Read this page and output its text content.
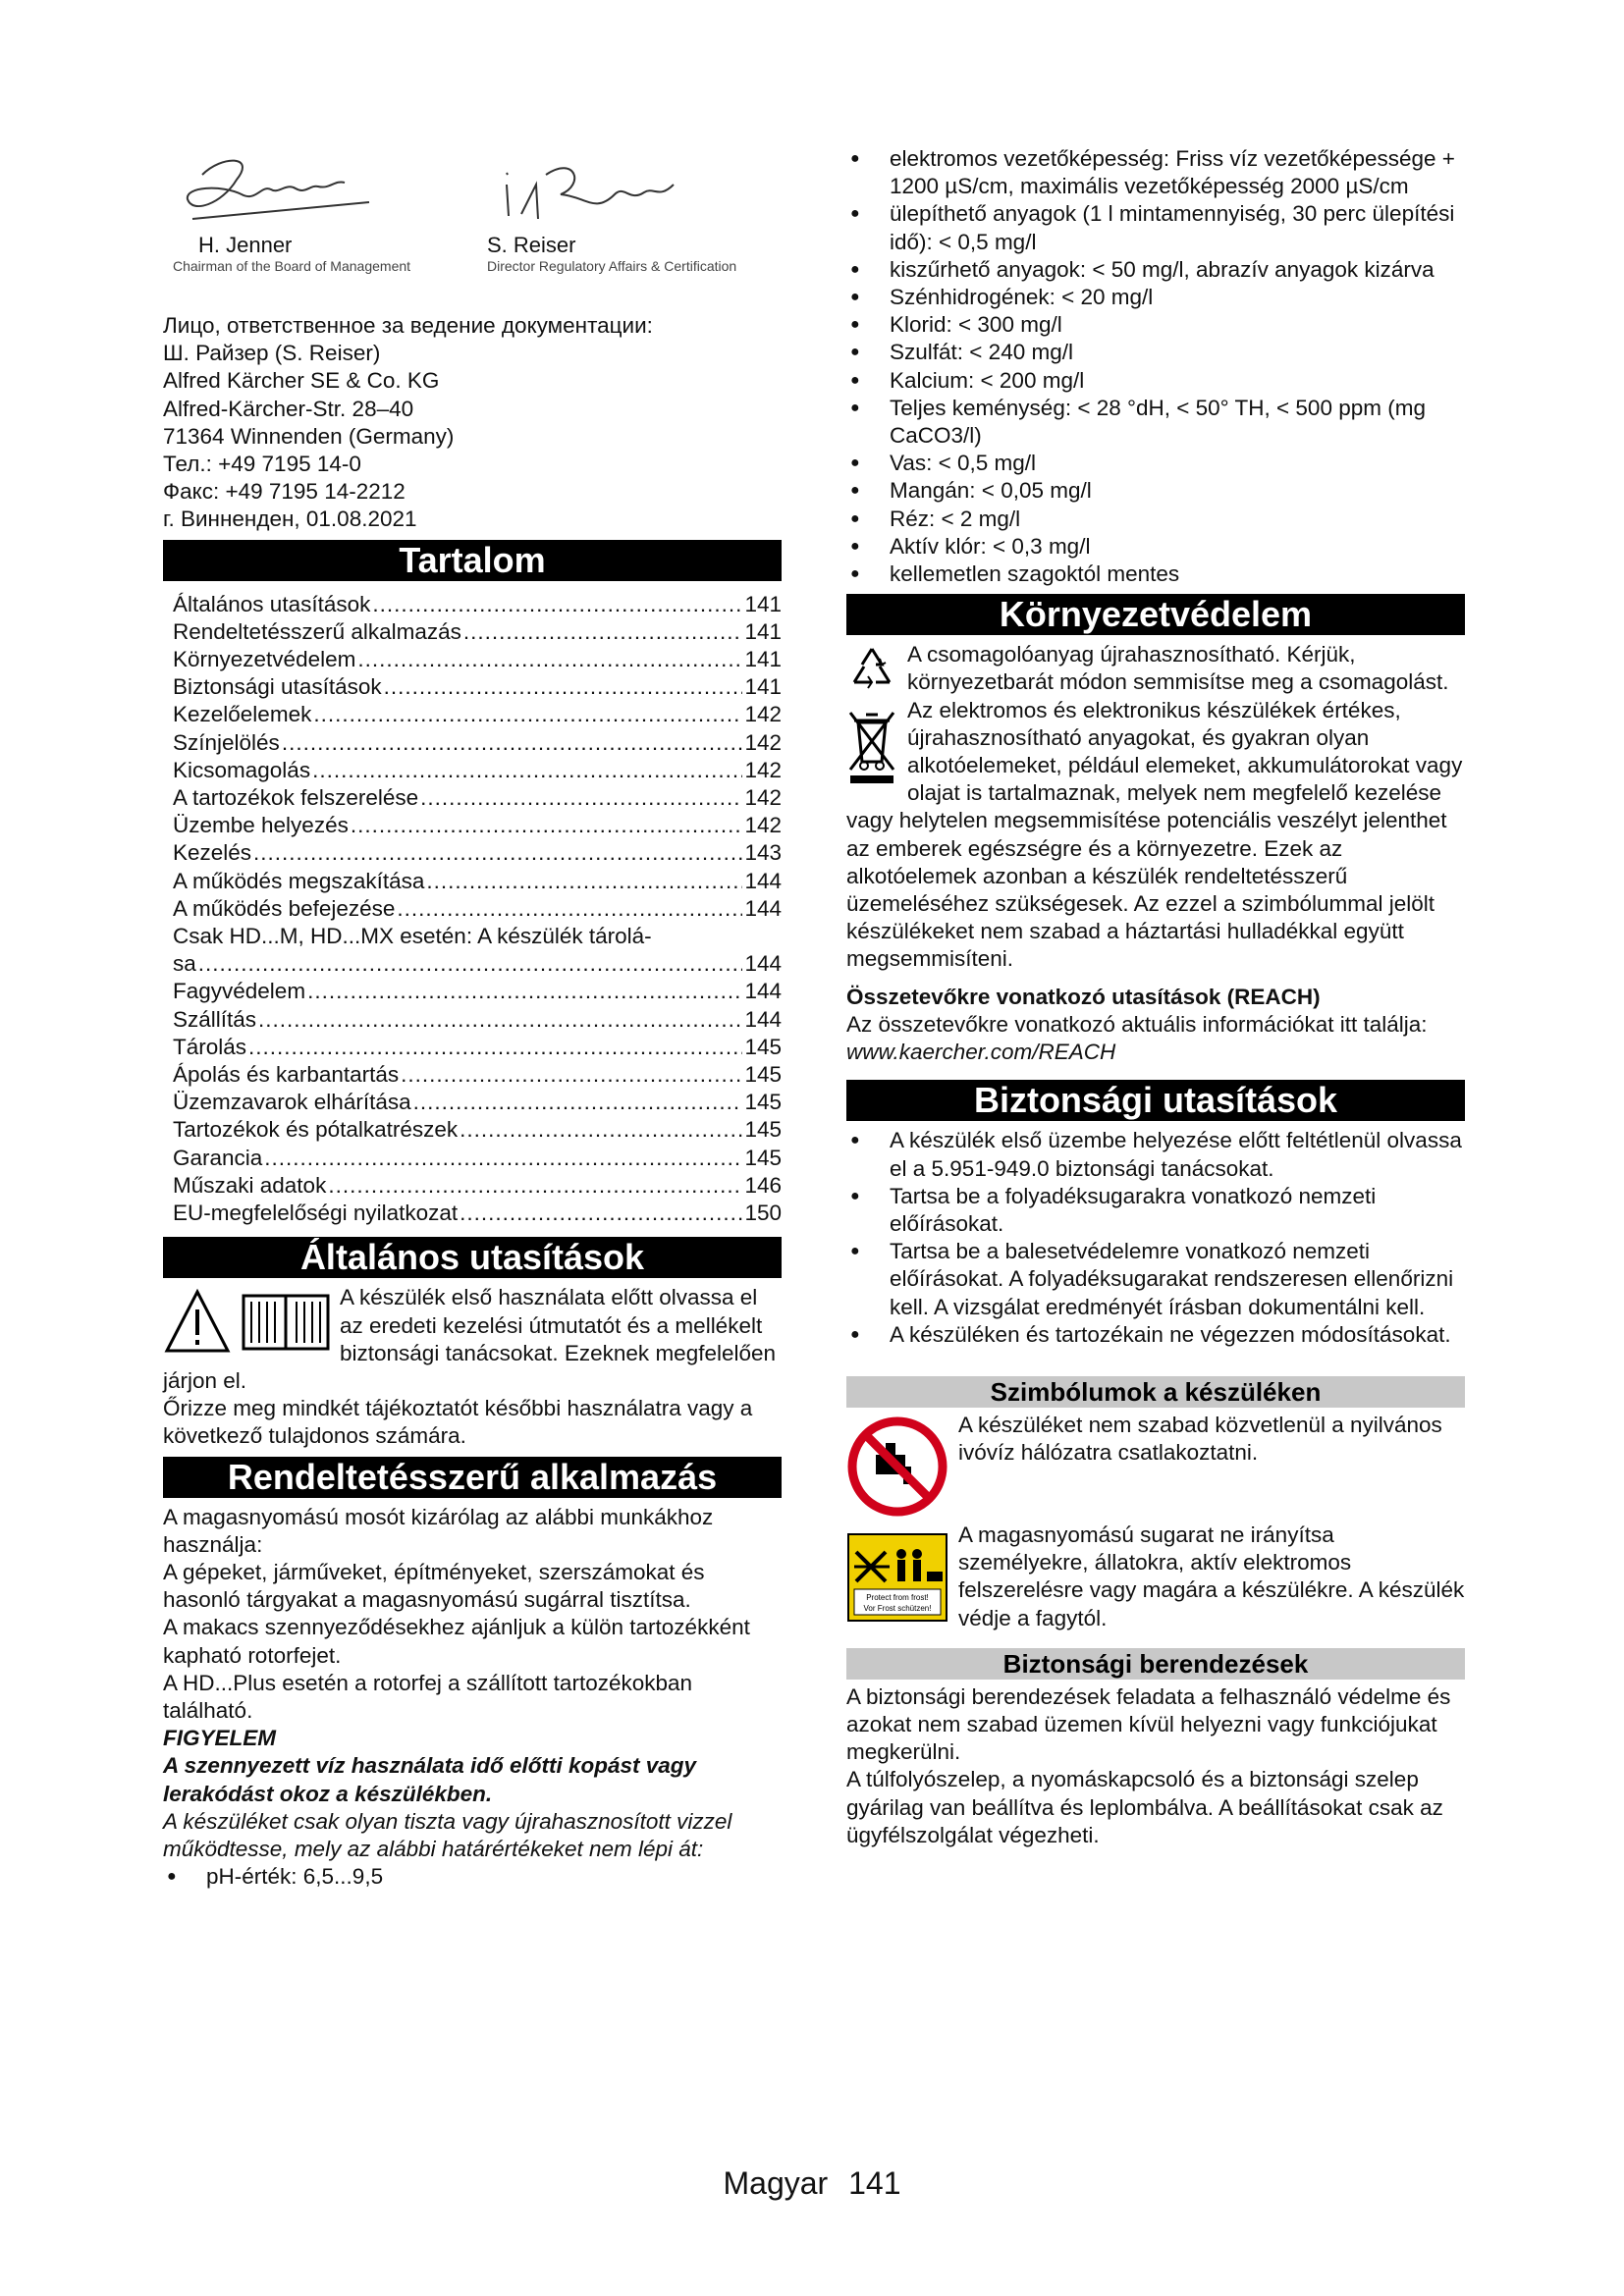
H. Jenner
Chairman of the Board of Management
S. Reiser
Director Regulatory Affairs & Certification

Лицо, ответственное за ведение документации:

Ш. Райзер (S. Reiser)

Alfred Kärcher SE & Co. KG

Alfred-Kärcher-Str. 28–40

71364 Winnenden (Germany)

Тел.: +49 7195 14-0

Факс: +49 7195 14-2212

г. Винненден, 01.08.2021

Tartalom
Általános utasítások .....	141
Rendeltetésszerű alkalmazás .....	141
Környezetvédelem .....	141
Biztonsági utasítások .....	141
Kezelőelemek .....	142
Színjelölés .....	142
Kicsomagolás .....	142
A tartozékok felszerelése .....	142
Üzembe helyezés .....	142
Kezelés .....	143
A működés megszakítása .....	144
A működés befejezése .....	144
Csak HD...M, HD...MX esetén: A készülék tárolá-
sa .....	144
Fagyvédelem .....	144
Szállítás .....	144
Tárolás .....	145
Ápolás és karbantartás .....	145
Üzemzavarok elhárítása .....	145
Tartozékok és pótalkatrészek .....	145
Garancia .....	145
Műszaki adatok .....	146
EU-megfelelőségi nyilatkozat .....	150
Általános utasítások

A készülék első használata előtt olvassa el az eredeti kezelési útmutatót és a mellékelt biztonsági tanácsokat. Ezeknek megfelelően járjon el.

Őrizze meg mindkét tájékoztatót későbbi használatra vagy a következő tulajdonos számára.

Rendeltetésszerű alkalmazás

A magasnyomású mosót kizárólag az alábbi munkákhoz használja:

A gépeket, járműveket, építményeket, szerszámokat és hasonló tárgyakat a magasnyomású sugárral tisztítsa.

A makacs szennyeződésekhez ajánljuk a külön tartozékként kapható rotorfejet.

A HD...Plus esetén a rotorfej a szállított tartozékokban található.

FIGYELEM

A szennyezett víz használata idő előtti kopást vagy lerakódást okoz a készülékben.

A készüléket csak olyan tiszta vagy újrahasznosított vizzel működtesse, mely az alábbi határértékeket nem lépi át:

● pH-érték: 6,5...9,5
● elektromos vezetőképesség: Friss víz vezetőképessége + 1200 µS/cm, maximális vezetőképesség 2000 µS/cm
● ülepíthető anyagok (1 l mintamennyiség, 30 perc ülepítési idő): < 0,5 mg/l
● kiszűrhető anyagok: < 50 mg/l, abrazív anyagok kizárva
● Szénhidrogének: < 20 mg/l
● Klorid: < 300 mg/l
● Szulfát: < 240 mg/l
● Kalcium: < 200 mg/l
● Teljes keménység: < 28 °dH, < 50° TH, < 500 ppm (mg CaCO3/l)
● Vas: < 0,5 mg/l
● Mangán: < 0,05 mg/l
● Réz: < 2 mg/l
● Aktív klór: < 0,3 mg/l
● kellemetlen szagoktól mentes
Környezetvédelem

A csomagolóanyag újrahasznosítható. Kérjük, környezetbarát módon semmisítse meg a csomagolást.

Az elektromos és elektronikus készülékek értékes, újrahasznosítható anyagokat, és gyakran olyan alkotóelemeket, például elemeket, akkumulátorokat vagy olajat is tartalmaznak, melyek nem megfelelő kezelése vagy helytelen megsemmisítése potenciális veszélyt jelenthet az emberek egészségre és a környezetre. Ezek az alkotóelemek azonban a készülék rendeltetésszerű üzemeléséhez szükségesek. Az ezzel a szimbólummal jelölt készülékeket nem szabad a háztartási hulladékkal együtt megsemmisíteni.

Összetevőkre vonatkozó utasítások (REACH)

Az összetevőkre vonatkozó aktuális információkat itt találja: www.kaercher.com/REACH

Biztonsági utasítások
● A készülék első üzembe helyezése előtt feltétlenül olvassa el a 5.951-949.0 biztonsági tanácsokat.
● Tartsa be a folyadéksugarakra vonatkozó nemzeti előírásokat.
● Tartsa be a balesetvédelemre vonatkozó nemzeti előírásokat. A folyadéksugarakat rendszeresen ellenőrizni kell. A vizsgálat eredményét írásban dokumentálni kell.
● A készüléken és tartozékain ne végezzen módosításokat.
Szimbólumok a készüléken

A készüléket nem szabad közvetlenül a nyilvános ivóvíz hálózatra csatlakoztatni.

Protect from frost!
Vor Frost schützen!

A magasnyomású sugarat ne irányítsa személyekre, állatokra, aktív elektromos felszerelésre vagy magára a készülékre. A készülék védje a fagytól.

Biztonsági berendezések

A biztonsági berendezések feladata a felhasználó védelme és azokat nem szabad üzemen kívül helyezni vagy funkciójukat megkerülni.

A túlfolyószelep, a nyomáskapcsoló és a biztonsági szelep gyárilag van beállítva és leplombálva. A beállításokat csak az ügyfélszolgálat végezheti.

Magyar 141
